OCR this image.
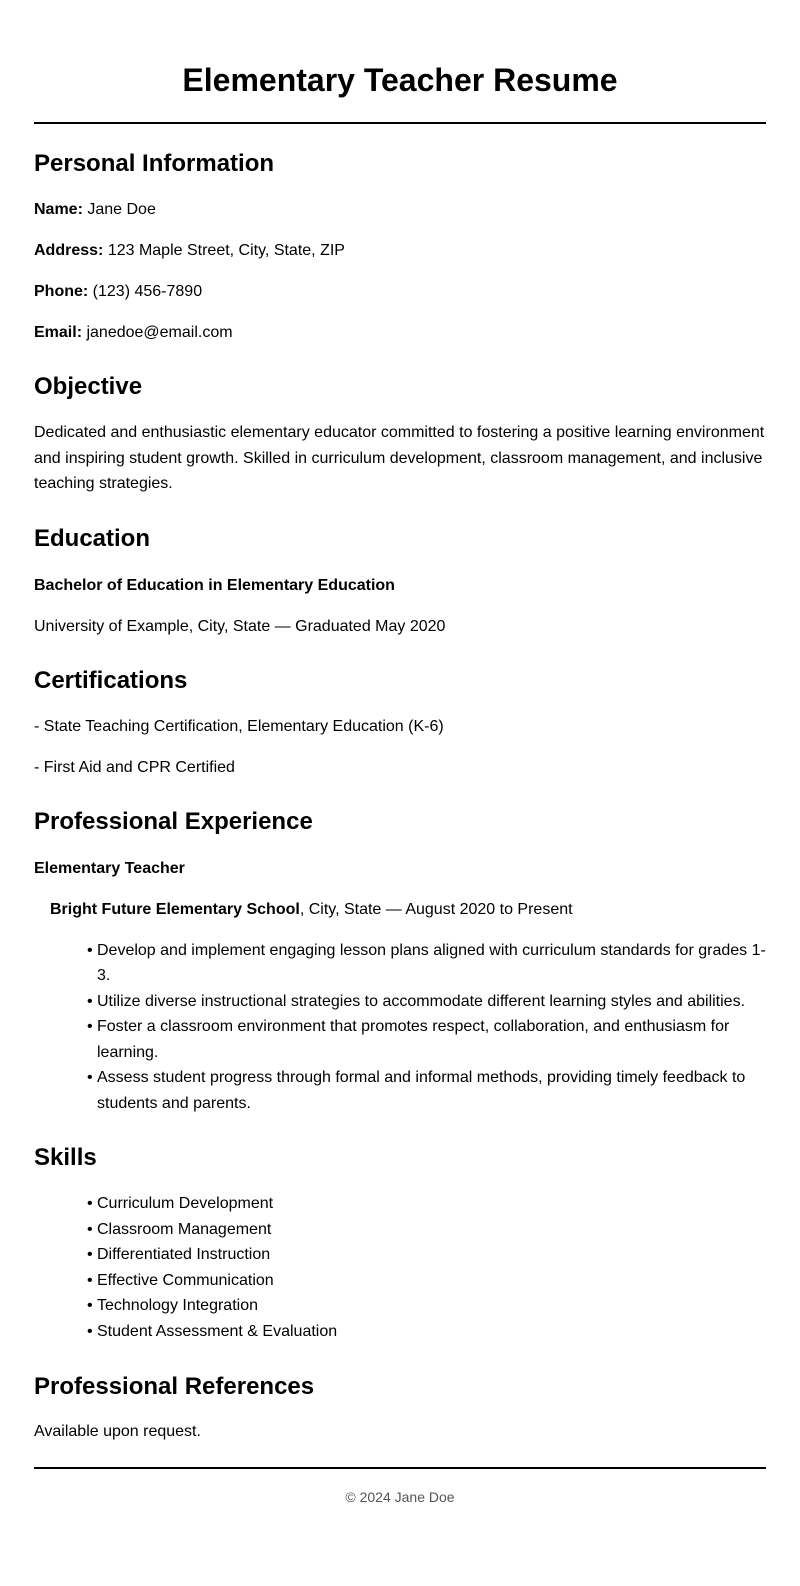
Elementary Teacher Resume
Personal Information

Name: Jane Doe

Address: 123 Maple Street, City, State, ZIP

Phone: (123) 456-7890

Email: janedoe@email.com

Objective

Dedicated and enthusiastic elementary educator committed to fostering a positive learning environment and inspiring student growth. Skilled in curriculum development, classroom management, and inclusive teaching strategies.

Education

Bachelor of Education in Elementary Education

University of Example, City, State — Graduated May 2020

Certifications

- State Teaching Certification, Elementary Education (K-6)

- First Aid and CPR Certified

Professional Experience

Elementary Teacher

Bright Future Elementary School, City, State — August 2020 to Present

• Develop and implement engaging lesson plans aligned with curriculum standards for grades 1-3.
• Utilize diverse instructional strategies to accommodate different learning styles and abilities.
• Foster a classroom environment that promotes respect, collaboration, and enthusiasm for learning.
• Assess student progress through formal and informal methods, providing timely feedback to students and parents.
Skills
• Curriculum Development
• Classroom Management
• Differentiated Instruction
• Effective Communication
• Technology Integration
• Student Assessment & Evaluation
Professional References

Available upon request.

© 2024 Jane Doe
